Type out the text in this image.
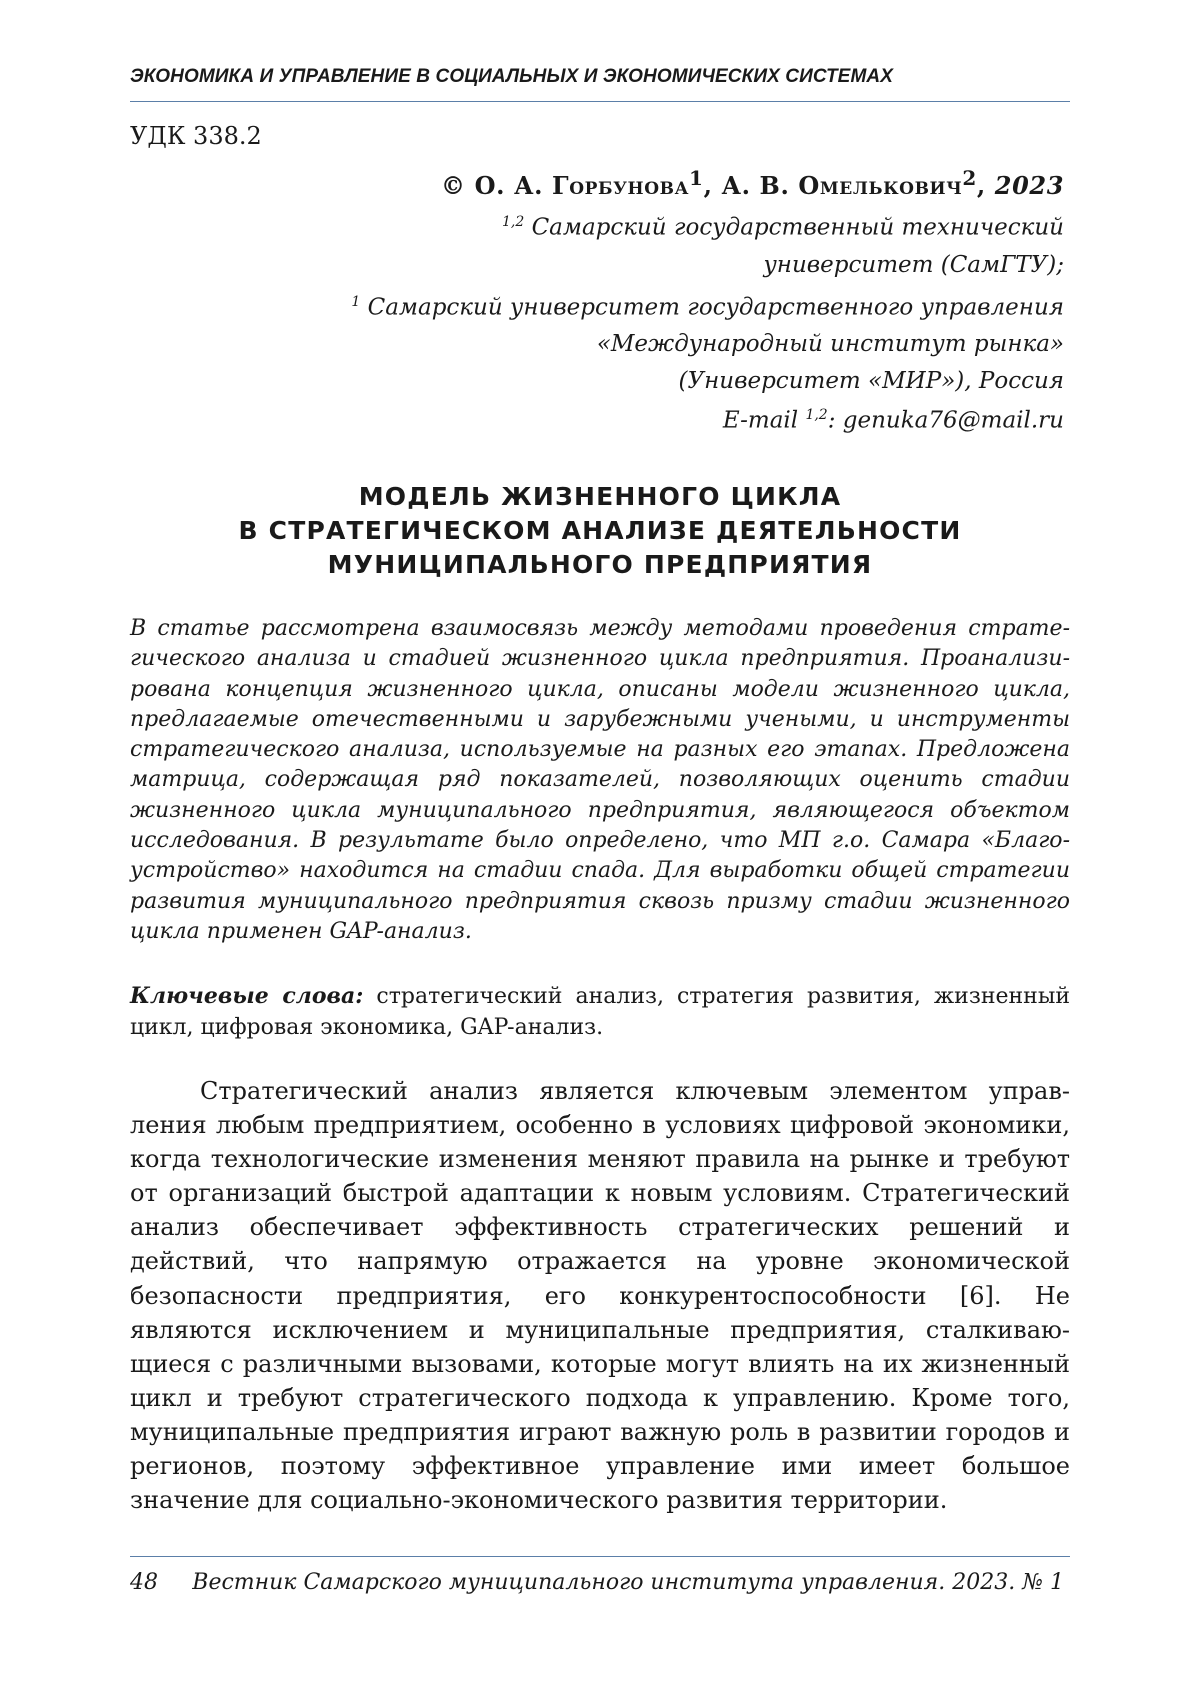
ЭКОНОМИКА И УПРАВЛЕНИЕ В СОЦИАЛЬНЫХ И ЭКОНОМИЧЕСКИХ СИСТЕМАХ
УДК 338.2
© О. А. Горбунова$^1$, А. В. Омелькович$^2$, 2023
$^{1,2}$ Самарский государственный технический
университет (СамГТУ);
$^1$ Самарский университет государственного управления
«Международный институт рынка»
(Университет «МИР»), Россия
E-mail $^{1,2}$: genuka76@mail.ru
МОДЕЛЬ ЖИЗНЕННОГО ЦИКЛА
В СТРАТЕГИЧЕСКОМ АНАЛИЗЕ ДЕЯТЕЛЬНОСТИ
МУНИЦИПАЛЬНОГО ПРЕДПРИЯТИЯ
В статье рассмотрена взаимосвязь между методами проведения стратегического анализа и стадией жизненного цикла предприятия. Проанализирована концепция жизненного цикла, описаны модели жизненного цикла, предлагаемые отечественными и зарубежными учеными, и инструменты стратегического анализа, используемые на разных его этапах. Предложена матрица, содержащая ряд показателей, позволяющих оценить стадии жизненного цикла муниципального предприятия, являющегося объектом исследования. В результате было определено, что МП г.о. Самара «Благоустройство» находится на стадии спада. Для выработки общей стратегии развития муниципального предприятия сквозь призму стадии жизненного цикла применен GAP-анализ.
Ключевые слова: стратегический анализ, стратегия развития, жизненный цикл, цифровая экономика, GAP-анализ.
Стратегический анализ является ключевым элементом управления любым предприятием, особенно в условиях цифровой экономики, когда технологические изменения меняют правила на рынке и требуют от организаций быстрой адаптации к новым условиям. Стратегический анализ обеспечивает эффективность стратегических решений и действий, что напрямую отражается на уровне экономической безопасности предприятия, его конкурентоспособности [6]. Не являются исключением и муниципальные предприятия, сталкивающиеся с различными вызовами, которые могут влиять на их жизненный цикл и требуют стратегического подхода к управлению. Кроме того, муниципальные предприятия играют важную роль в развитии городов и регионов, поэтому эффективное управление ими имеет большое значение для социально-экономического развития территории.
48 Вестник Самарского муниципального института управления. 2023. № 1
